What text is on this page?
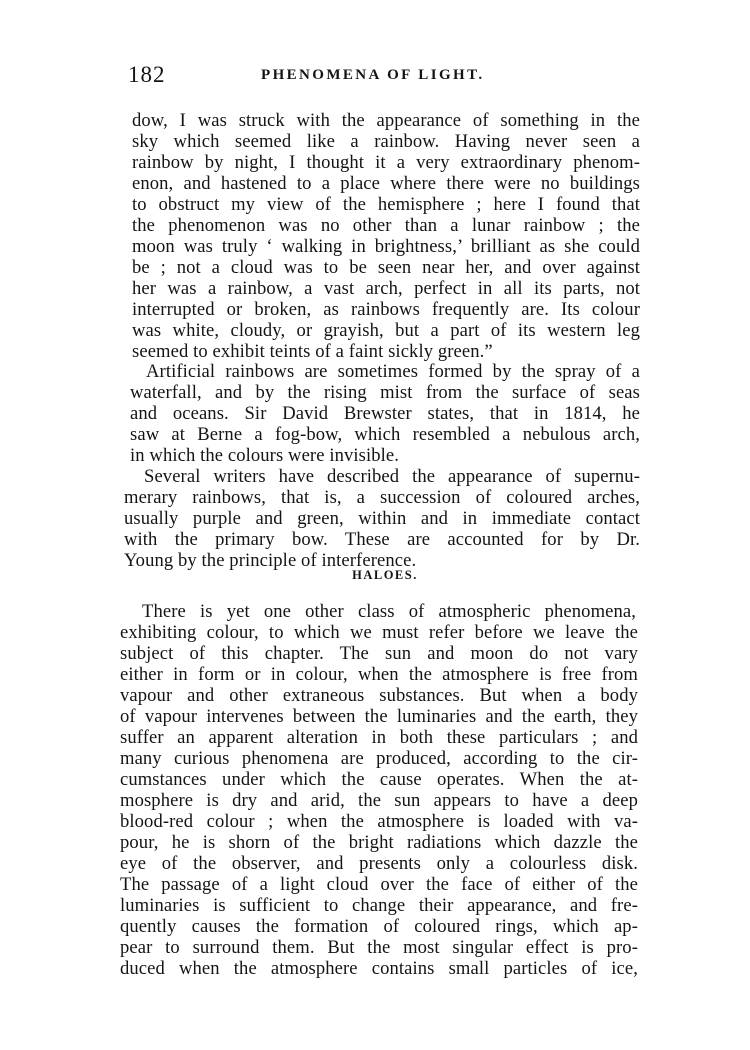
182	PHENOMENA OF LIGHT.
dow, I was struck with the appearance of something in the
sky which seemed like a rainbow. Having never seen a
rainbow by night, I thought it a very extraordinary phenom-
enon, and hastened to a place where there were no buildings
to obstruct my view of the hemisphere ; here I found that
the phenomenon was no other than a lunar rainbow ; the
moon was truly ‘ walking in brightness,’ brilliant as she could
be ; not a cloud was to be seen near her, and over against
her was a rainbow, a vast arch, perfect in all its parts, not
interrupted or broken, as rainbows frequently are. Its colour
was white, cloudy, or grayish, but a part of its western leg
seemed to exhibit teints of a faint sickly green.”
Artificial rainbows are sometimes formed by the spray of a
waterfall, and by the rising mist from the surface of seas
and oceans. Sir David Brewster states, that in 1814, he
saw at Berne a fog-bow, which resembled a nebulous arch,
in which the colours were invisible.
Several writers have described the appearance of supernu-
merary rainbows, that is, a succession of coloured arches,
usually purple and green, within and in immediate contact
with the primary bow. These are accounted for by Dr.
Young by the principle of interference.
HALOES.
There is yet one other class of atmospheric phenomena,
exhibiting colour, to which we must refer before we leave the
subject of this chapter. The sun and moon do not vary
either in form or in colour, when the atmosphere is free from
vapour and other extraneous substances. But when a body
of vapour intervenes between the luminaries and the earth, they
suffer an apparent alteration in both these particulars ; and
many curious phenomena are produced, according to the cir-
cumstances under which the cause operates. When the at-
mosphere is dry and arid, the sun appears to have a deep
blood-red colour ; when the atmosphere is loaded with va-
pour, he is shorn of the bright radiations which dazzle the
eye of the observer, and presents only a colourless disk.
The passage of a light cloud over the face of either of the
luminaries is sufficient to change their appearance, and fre-
quently causes the formation of coloured rings, which ap-
pear to surround them. But the most singular effect is pro-
duced when the atmosphere contains small particles of ice,
